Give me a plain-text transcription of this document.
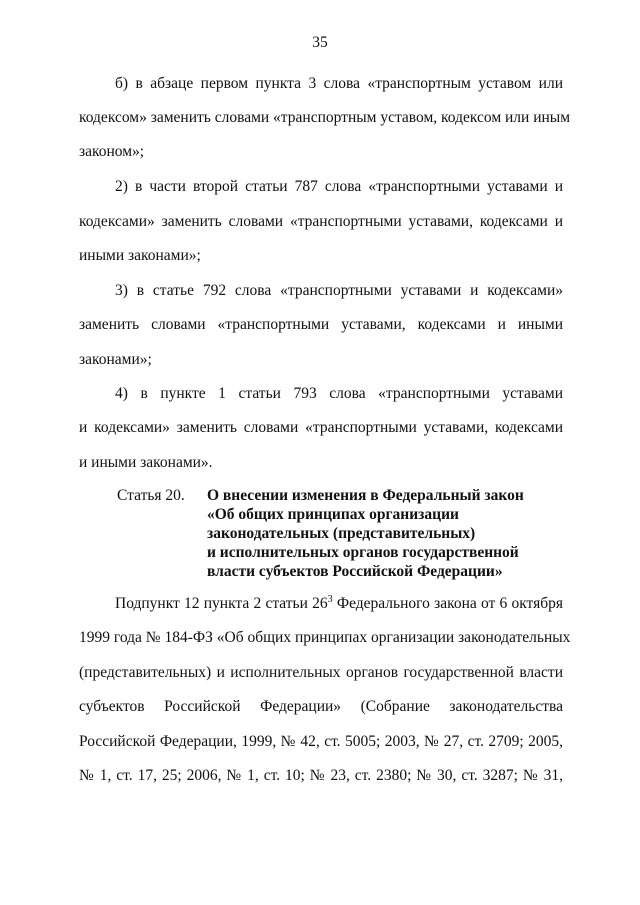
35
б) в абзаце первом пункта 3 слова «транспортным уставом или
кодексом» заменить словами «транспортным уставом, кодексом или иным
законом»;
2) в части второй статьи 787 слова «транспортными уставами и
кодексами» заменить словами «транспортными уставами, кодексами и
иными законами»;
3) в статье 792 слова «транспортными уставами и кодексами»
заменить словами «транспортными уставами, кодексами и иными
законами»;
4) в пункте 1 статьи 793 слова «транспортными уставами
и кодексами» заменить словами «транспортными уставами, кодексами
и иными законами».
Статья 20. О внесении изменения в Федеральный закон
«Об общих принципах организации
законодательных (представительных)
и исполнительных органов государственной
власти субъектов Российской Федерации»
Подпункт 12 пункта 2 статьи $26^3$ Федерального закона от 6 октября
1999 года № 184-ФЗ «Об общих принципах организации законодательных
(представительных) и исполнительных органов государственной власти
субъектов Российской Федерации» (Собрание законодательства
Российской Федерации, 1999, № 42, ст. 5005; 2003, № 27, ст. 2709; 2005,
№ 1, ст. 17, 25; 2006, № 1, ст. 10; № 23, ст. 2380; № 30, ст. 3287; № 31,
